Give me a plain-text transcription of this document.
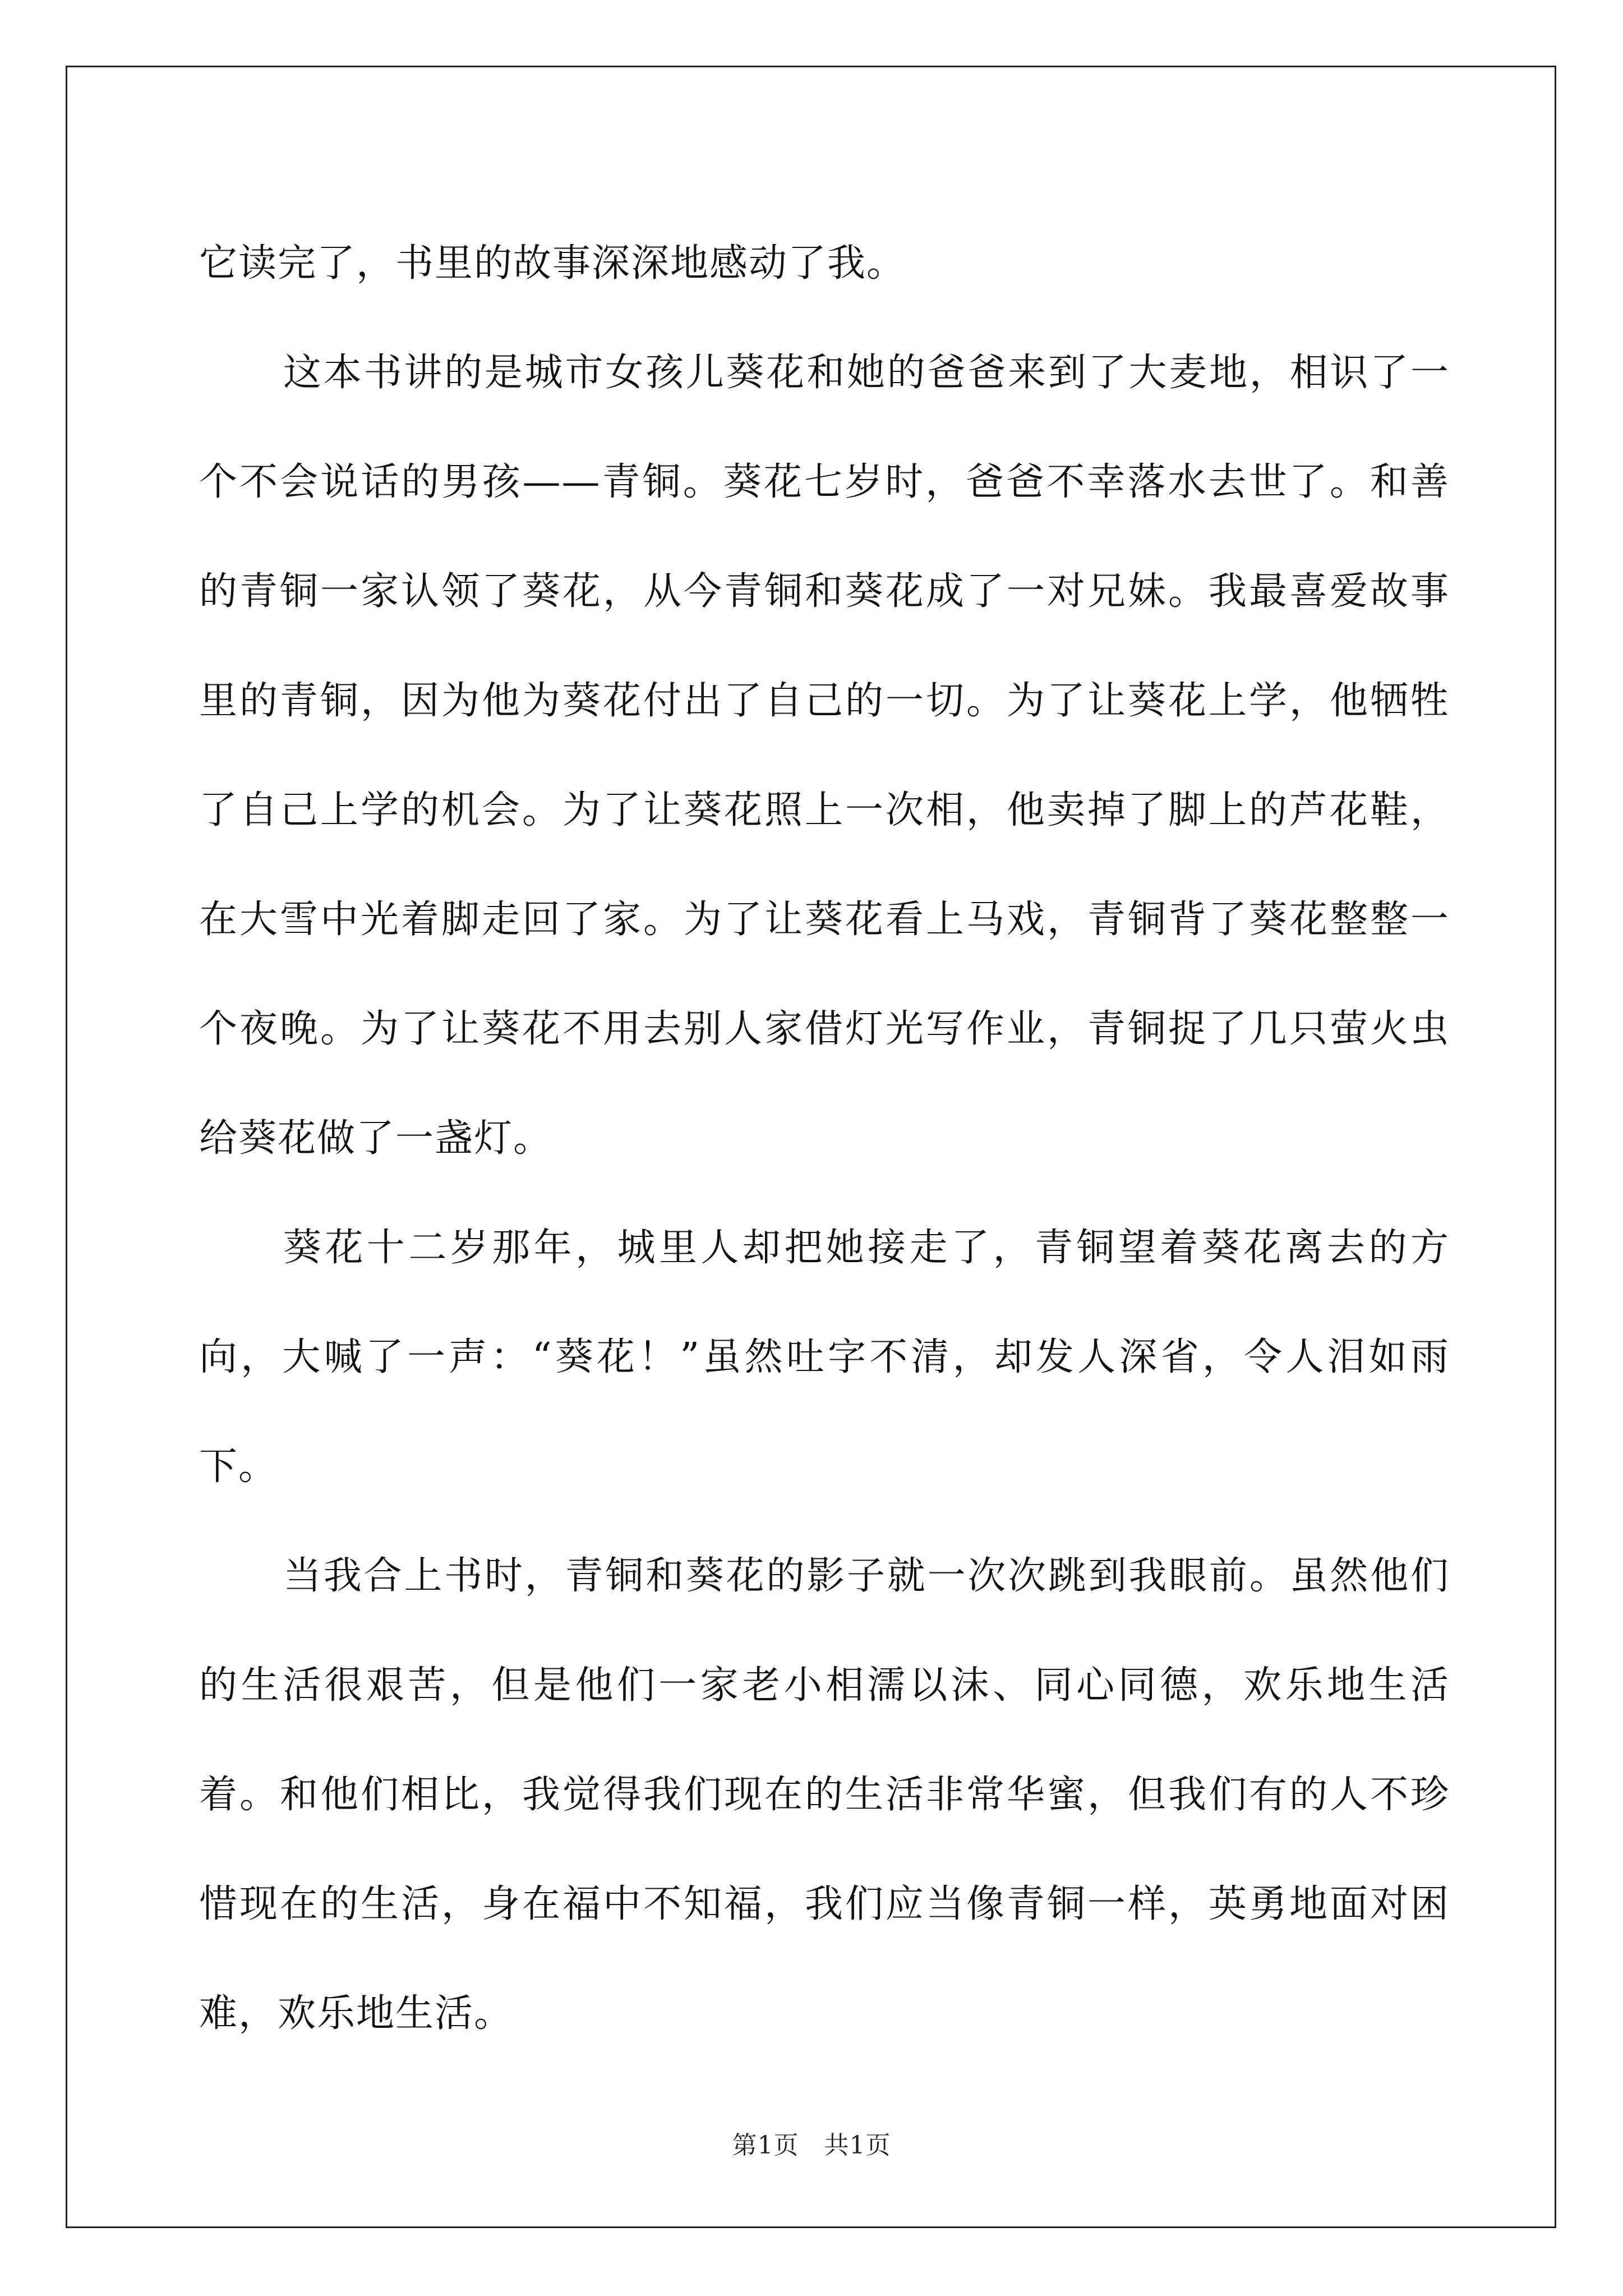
它读完了，书里的故事深深地感动了我。

这本书讲的是城市女孩儿葵花和她的爸爸来到了大麦地，相识了一个不会说话的男孩——青铜。葵花七岁时，爸爸不幸落水去世了。和善的青铜一家认领了葵花，从今青铜和葵花成了一对兄妹。我最喜爱故事里的青铜，因为他为葵花付出了自己的一切。为了让葵花上学，他牺牲了自己上学的机会。为了让葵花照上一次相，他卖掉了脚上的芦花鞋，在大雪中光着脚走回了家。为了让葵花看上马戏，青铜背了葵花整整一个夜晚。为了让葵花不用去别人家借灯光写作业，青铜捉了几只萤火虫给葵花做了一盏灯。

葵花十二岁那年，城里人却把她接走了，青铜望着葵花离去的方向，大喊了一声：“葵花！”虽然吐字不清，却发人深省，令人泪如雨下。

当我合上书时，青铜和葵花的影子就一次次跳到我眼前。虽然他们的生活很艰苦，但是他们一家老小相濡以沫、同心同德，欢乐地生活着。和他们相比，我觉得我们现在的生活非常华蜜，但我们有的人不珍惜现在的生活，身在福中不知福，我们应当像青铜一样，英勇地面对困难，欢乐地生活。

第1页　共1页
